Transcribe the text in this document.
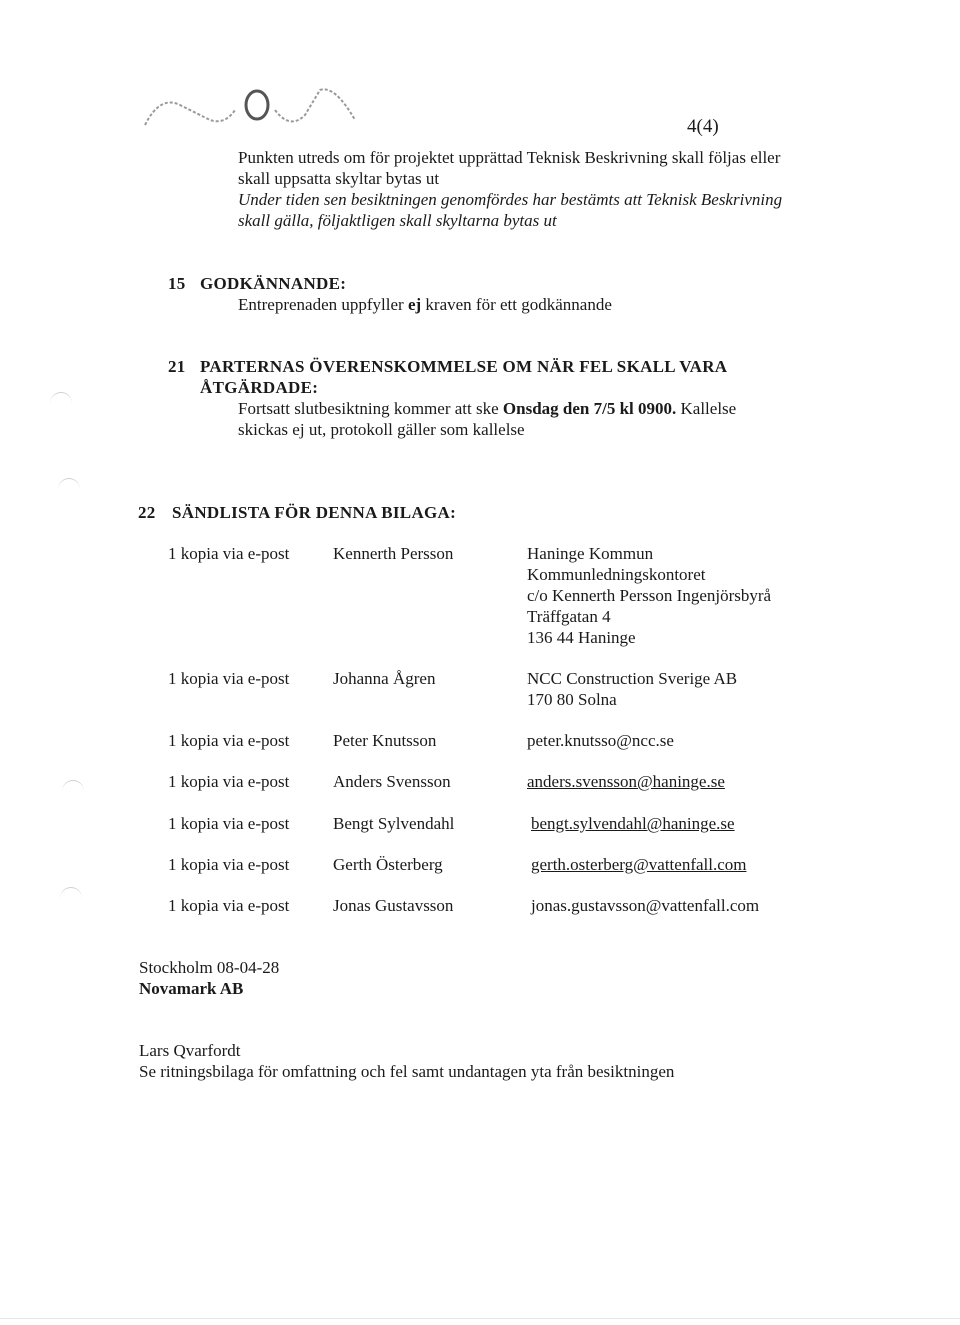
4(4)
Punkten utreds om för projektet upprättad Teknisk Beskrivning skall följas eller
skall uppsatta skyltar bytas ut
Under tiden sen besiktningen genomfördes har bestämts att Teknisk Beskrivning
skall gälla, följaktligen skall skyltarna bytas ut
15 GODKÄNNANDE:
Entreprenaden uppfyller ej kraven för ett godkännande
21 PARTERNAS ÖVERENSKOMMELSE OM NÄR FEL SKALL VARA
ÅTGÄRDADE:
Fortsatt slutbesiktning kommer att ske Onsdag den 7/5 kl 0900. Kallelse
skickas ej ut, protokoll gäller som kallelse
22 SÄNDLISTA FÖR DENNA BILAGA:
1 kopia via e-post	Kennerth Persson	Haninge Kommun
Kommunledningskontoret
c/o Kennerth Persson Ingenjörsbyrå
Träffgatan 4
136 44 Haninge
1 kopia via e-post	Johanna Ågren	NCC Construction Sverige AB
170 80 Solna
1 kopia via e-post	Peter Knutsson	peter.knutsso@ncc.se
1 kopia via e-post	Anders Svensson	anders.svensson@haninge.se
1 kopia via e-post	Bengt Sylvendahl	bengt.sylvendahl@haninge.se
1 kopia via e-post	Gerth Österberg	gerth.osterberg@vattenfall.com
1 kopia via e-post	Jonas Gustavsson	jonas.gustavsson@vattenfall.com
Stockholm 08-04-28
Novamark AB
Lars Qvarfordt
Se ritningsbilaga för omfattning och fel samt undantagen yta från besiktningen
